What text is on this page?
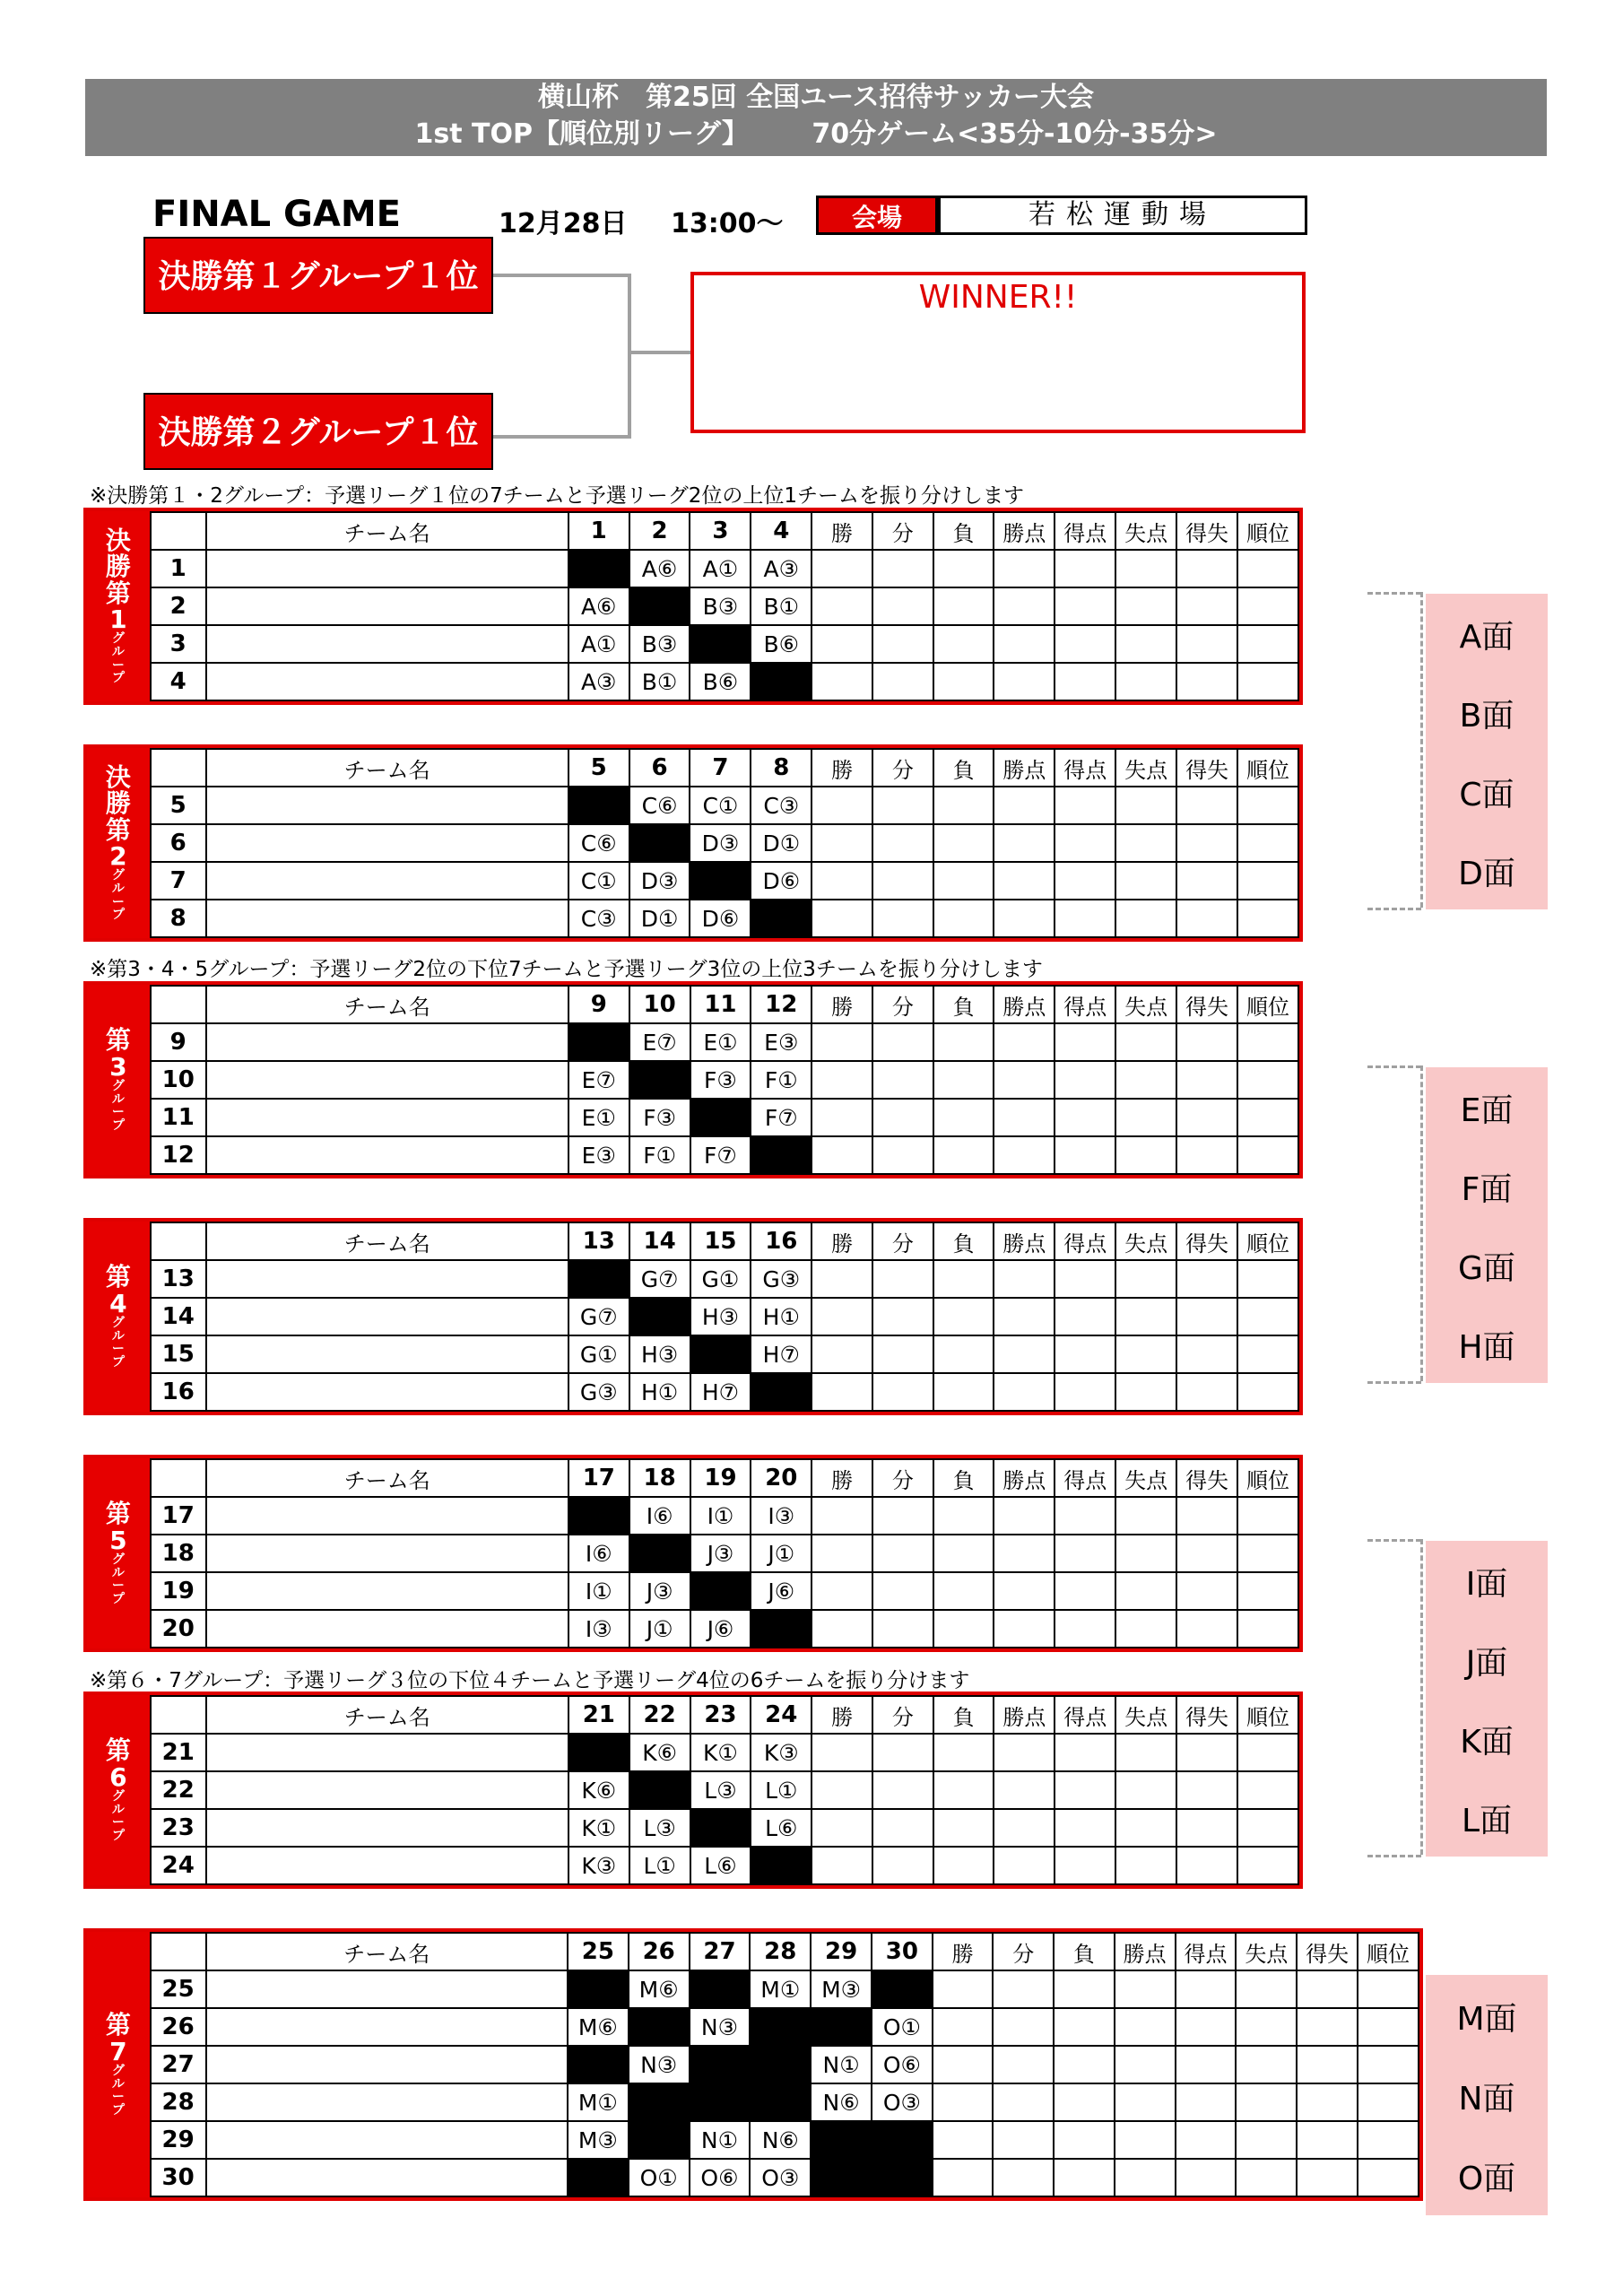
横山杯　第25回 全国ユース招待サッカー大会
1st TOP【順位別リーグ】 70分ゲーム<35分-10分-35分>
FINAL GAME	12月28日 13:00～	会場	若松運動場
決勝第１グループ１位
決勝第２グループ１位
WINNER!!
※決勝第１・2グループ：予選リーグ１位の7チームと予選リーグ2位の上位1チームを振り分けします
※第3・4・5グループ：予選リーグ2位の下位7チームと予選リーグ3位の上位3チームを振り分けします
※第６・7グループ：予選リーグ３位の下位４チームと予選リーグ4位の6チームを振り分けます
決
勝
第
1
グ
ル
ー
プ
	チーム名	1	2	3	4	勝	分	負	勝点	得点	失点	得失	順位
1			A⑥	A①	A③								
2		A⑥		B③	B①								
3		A①	B③		B⑥								
4		A③	B①	B⑥									
決
勝
第
2
グ
ル
ー
プ
	チーム名	5	6	7	8	勝	分	負	勝点	得点	失点	得失	順位
5			C⑥	C①	C③								
6		C⑥		D③	D①								
7		C①	D③		D⑥								
8		C③	D①	D⑥									
第
3
グ
ル
ー
プ
	チーム名	9	10	11	12	勝	分	負	勝点	得点	失点	得失	順位
9			E⑦	E①	E③								
10		E⑦		F③	F①								
11		E①	F③		F⑦								
12		E③	F①	F⑦									
第
4
グ
ル
ー
プ
	チーム名	13	14	15	16	勝	分	負	勝点	得点	失点	得失	順位
13			G⑦	G①	G③								
14		G⑦		H③	H①								
15		G①	H③		H⑦								
16		G③	H①	H⑦									
第
5
グ
ル
ー
プ
	チーム名	17	18	19	20	勝	分	負	勝点	得点	失点	得失	順位
17			I⑥	I①	I③								
18		I⑥		J③	J①								
19		I①	J③		J⑥								
20		I③	J①	J⑥									
第
6
グ
ル
ー
プ
	チーム名	21	22	23	24	勝	分	負	勝点	得点	失点	得失	順位
21			K⑥	K①	K③								
22		K⑥		L③	L①								
23		K①	L③		L⑥								
24		K③	L①	L⑥									
第
7
グ
ル
ー
プ
	チーム名	25	26	27	28	29	30	勝	分	負	勝点	得点	失点	得失	順位
25			M⑥		M①	M③									
26		M⑥		N③			O①								
27			N③			N①	O⑥								
28		M①				N⑥	O③								
29		M③		N①	N⑥										
30			O①	O⑥	O③										
A面
B面
C面
D面
E面
F面
G面
H面
I面
J面
K面
L面
M面
N面
O面
